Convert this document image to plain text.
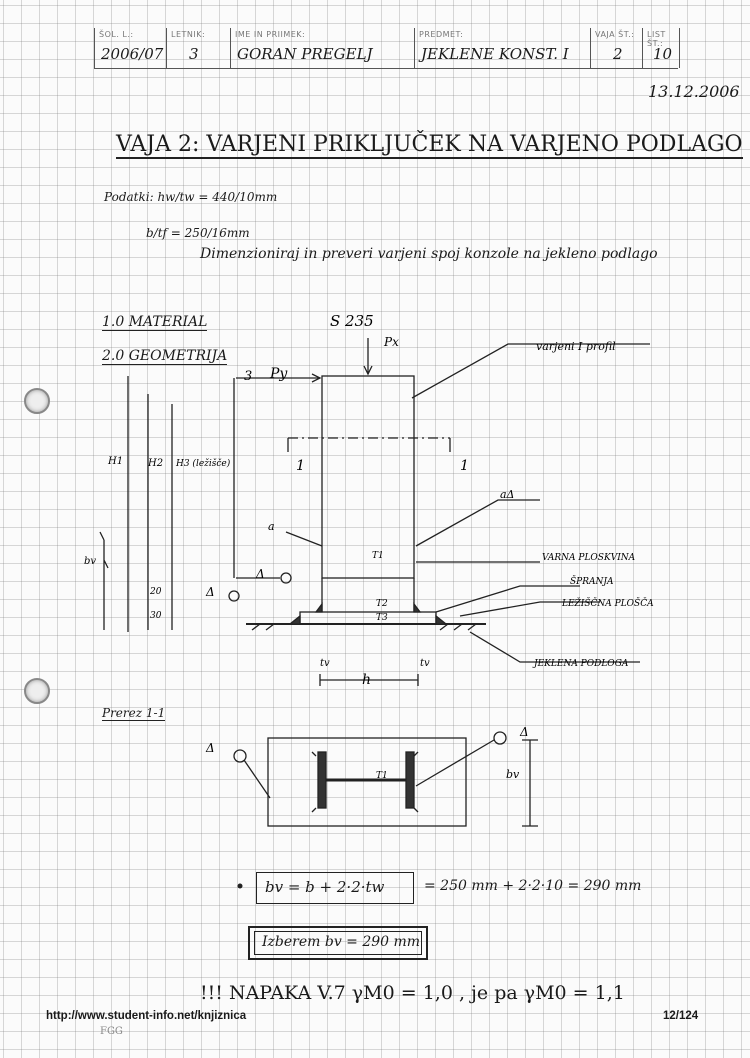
ŠOL. L.:
2006/07
LETNIK:
3
IME IN PRIIMEK:
GORAN PREGELJ
PREDMET:
JEKLENE KONST. I
VAJA ŠT.:
2
LIST ŠT.:
10
13.12.2006
VAJA 2: VARJENI PRIKLJUČEK NA VARJENO PODLAGO
Podatki: hw/tw = 440/10mm
b/tf = 250/16mm
Dimenzioniraj in preveri varjeni spoj konzole na jekleno podlago
1.0 MATERIAL
2.0 GEOMETRIJA
S 235
Px
Py
3
varjeni I profil
1	1
aΔ
a
Δ
Δ
VARNA PLOSKVINA
ŠPRANJA
LEŽIŠČNA PLOŠČA
JEKLENA PODLOGA
h
tv	tv
H1 H2 H3 (ležišče)
T1
T2
T3
bv
20
30
Prerez 1-1
Δ
Δ
T1	bv
bv = b + 2·2·tw	= 250 mm + 2·2·10 = 290 mm
Izberem bv = 290 mm
!!! NAPAKA V.7 γM0 = 1,0 , je pa γM0 = 1,1
http://www.student-info.net/knjiznica	12/124
FGG
